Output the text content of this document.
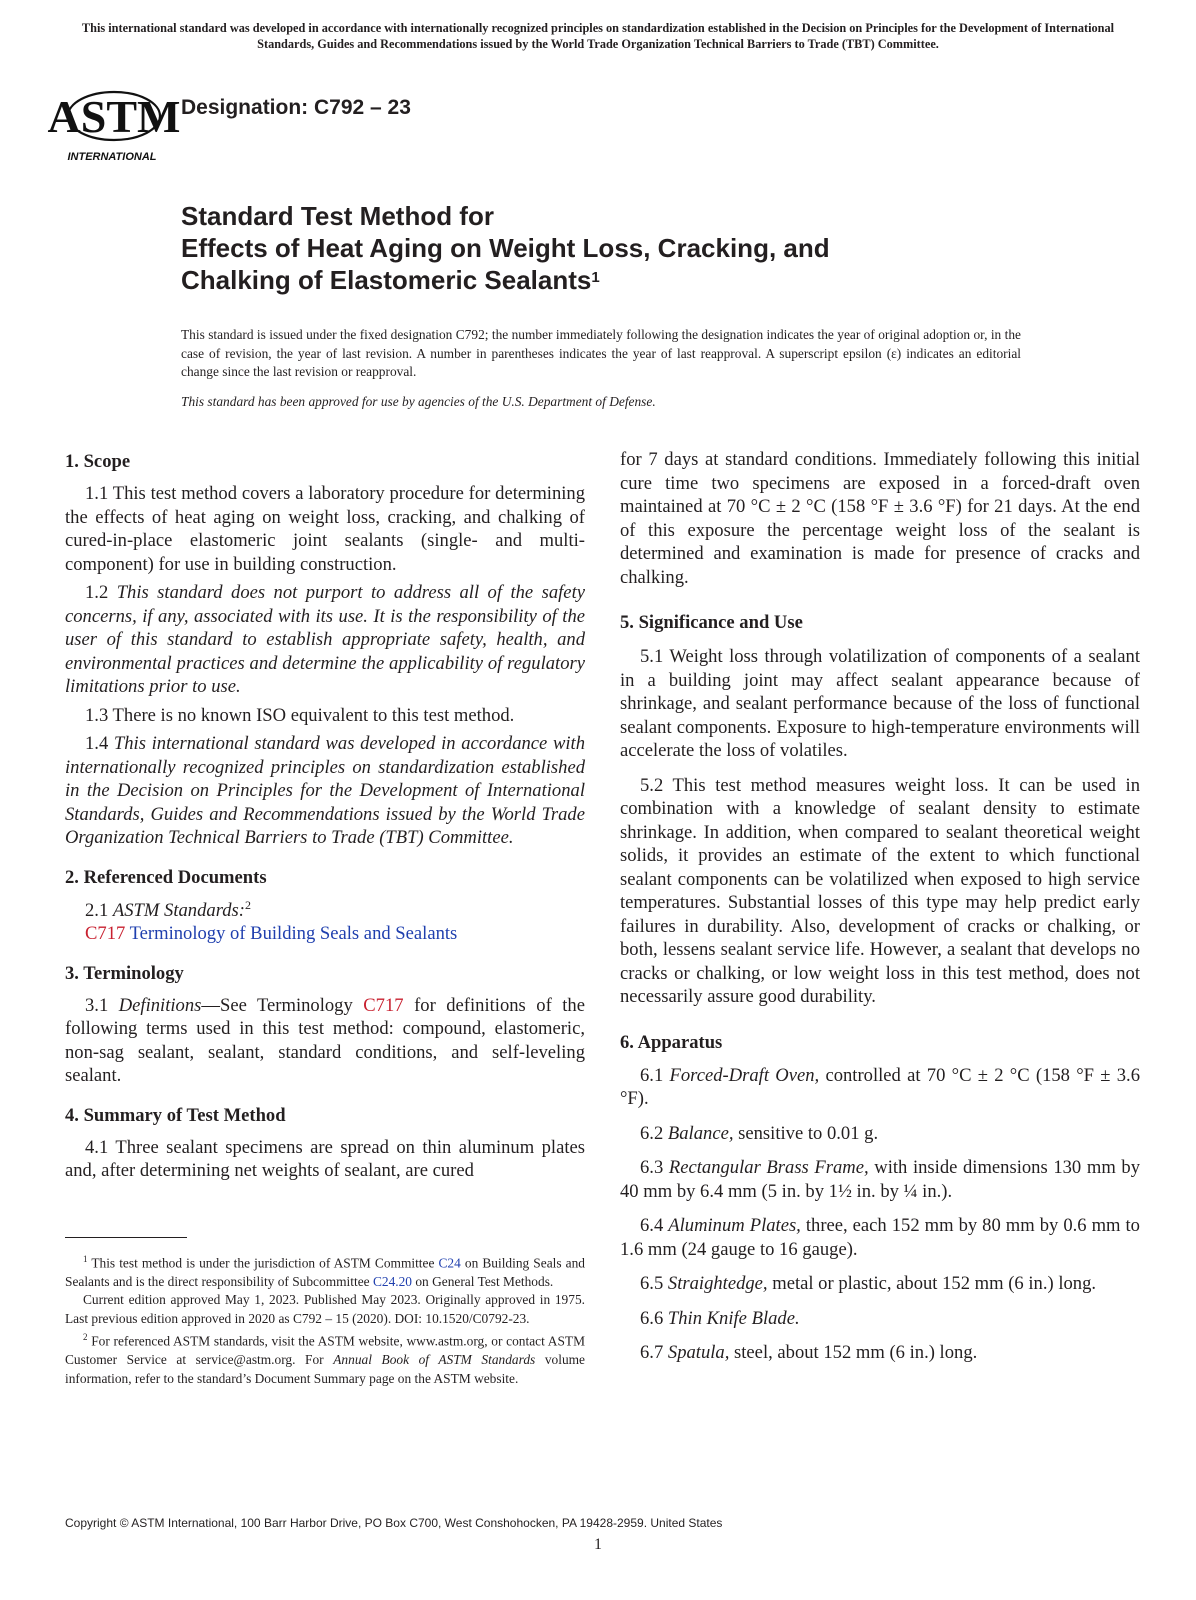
This international standard was developed in accordance with internationally recognized principles on standardization established in the Decision on Principles for the Development of International Standards, Guides and Recommendations issued by the World Trade Organization Technical Barriers to Trade (TBT) Committee.
ASTM
INTERNATIONAL
Designation: C792 – 23
Standard Test Method for
Effects of Heat Aging on Weight Loss, Cracking, and
Chalking of Elastomeric Sealants$^1$
This standard is issued under the fixed designation C792; the number immediately following the designation indicates the year of original adoption or, in the case of revision, the year of last revision. A number in parentheses indicates the year of last reapproval. A superscript epsilon (ε) indicates an editorial change since the last revision or reapproval.
This standard has been approved for use by agencies of the U.S. Department of Defense.
1. Scope

1.1 This test method covers a laboratory procedure for determining the effects of heat aging on weight loss, cracking, and chalking of cured-in-place elastomeric joint sealants (single- and multi-component) for use in building construction.

1.2 This standard does not purport to address all of the safety concerns, if any, associated with its use. It is the responsibility of the user of this standard to establish appropriate safety, health, and environmental practices and determine the applicability of regulatory limitations prior to use.

1.3 There is no known ISO equivalent to this test method.

1.4 This international standard was developed in accordance with internationally recognized principles on standardization established in the Decision on Principles for the Development of International Standards, Guides and Recommendations issued by the World Trade Organization Technical Barriers to Trade (TBT) Committee.

2. Referenced Documents

2.1 ASTM Standards:$^2$

C717 Terminology of Building Seals and Sealants

3. Terminology

3.1 Definitions—See Terminology C717 for definitions of the following terms used in this test method: compound, elastomeric, non-sag sealant, sealant, standard conditions, and self-leveling sealant.

4. Summary of Test Method

4.1 Three sealant specimens are spread on thin aluminum plates and, after determining net weights of sealant, are cured

$^1$ This test method is under the jurisdiction of ASTM Committee C24 on Building Seals and Sealants and is the direct responsibility of Subcommittee C24.20 on General Test Methods.

Current edition approved May 1, 2023. Published May 2023. Originally approved in 1975. Last previous edition approved in 2020 as C792 – 15 (2020). DOI: 10.1520/C0792-23.

$^2$ For referenced ASTM standards, visit the ASTM website, www.astm.org, or contact ASTM Customer Service at service@astm.org. For Annual Book of ASTM Standards volume information, refer to the standard’s Document Summary page on the ASTM website.

for 7 days at standard conditions. Immediately following this initial cure time two specimens are exposed in a forced-draft oven maintained at 70 °C ± 2 °C (158 °F ± 3.6 °F) for 21 days. At the end of this exposure the percentage weight loss of the sealant is determined and examination is made for presence of cracks and chalking.

5. Significance and Use

5.1 Weight loss through volatilization of components of a sealant in a building joint may affect sealant appearance because of shrinkage, and sealant performance because of the loss of functional sealant components. Exposure to high-temperature environments will accelerate the loss of volatiles.

5.2 This test method measures weight loss. It can be used in combination with a knowledge of sealant density to estimate shrinkage. In addition, when compared to sealant theoretical weight solids, it provides an estimate of the extent to which functional sealant components can be volatilized when exposed to high service temperatures. Substantial losses of this type may help predict early failures in durability. Also, development of cracks or chalking, or both, lessens sealant service life. However, a sealant that develops no cracks or chalking, or low weight loss in this test method, does not necessarily assure good durability.

6. Apparatus

6.1 Forced-Draft Oven, controlled at 70 °C ± 2 °C (158 °F ± 3.6 °F).

6.2 Balance, sensitive to 0.01 g.

6.3 Rectangular Brass Frame, with inside dimensions 130 mm by 40 mm by 6.4 mm (5 in. by 1½ in. by ¼ in.).

6.4 Aluminum Plates, three, each 152 mm by 80 mm by 0.6 mm to 1.6 mm (24 gauge to 16 gauge).

6.5 Straightedge, metal or plastic, about 152 mm (6 in.) long.

6.6 Thin Knife Blade.

6.7 Spatula, steel, about 152 mm (6 in.) long.

Copyright © ASTM International, 100 Barr Harbor Drive, PO Box C700, West Conshohocken, PA 19428-2959. United States
1
